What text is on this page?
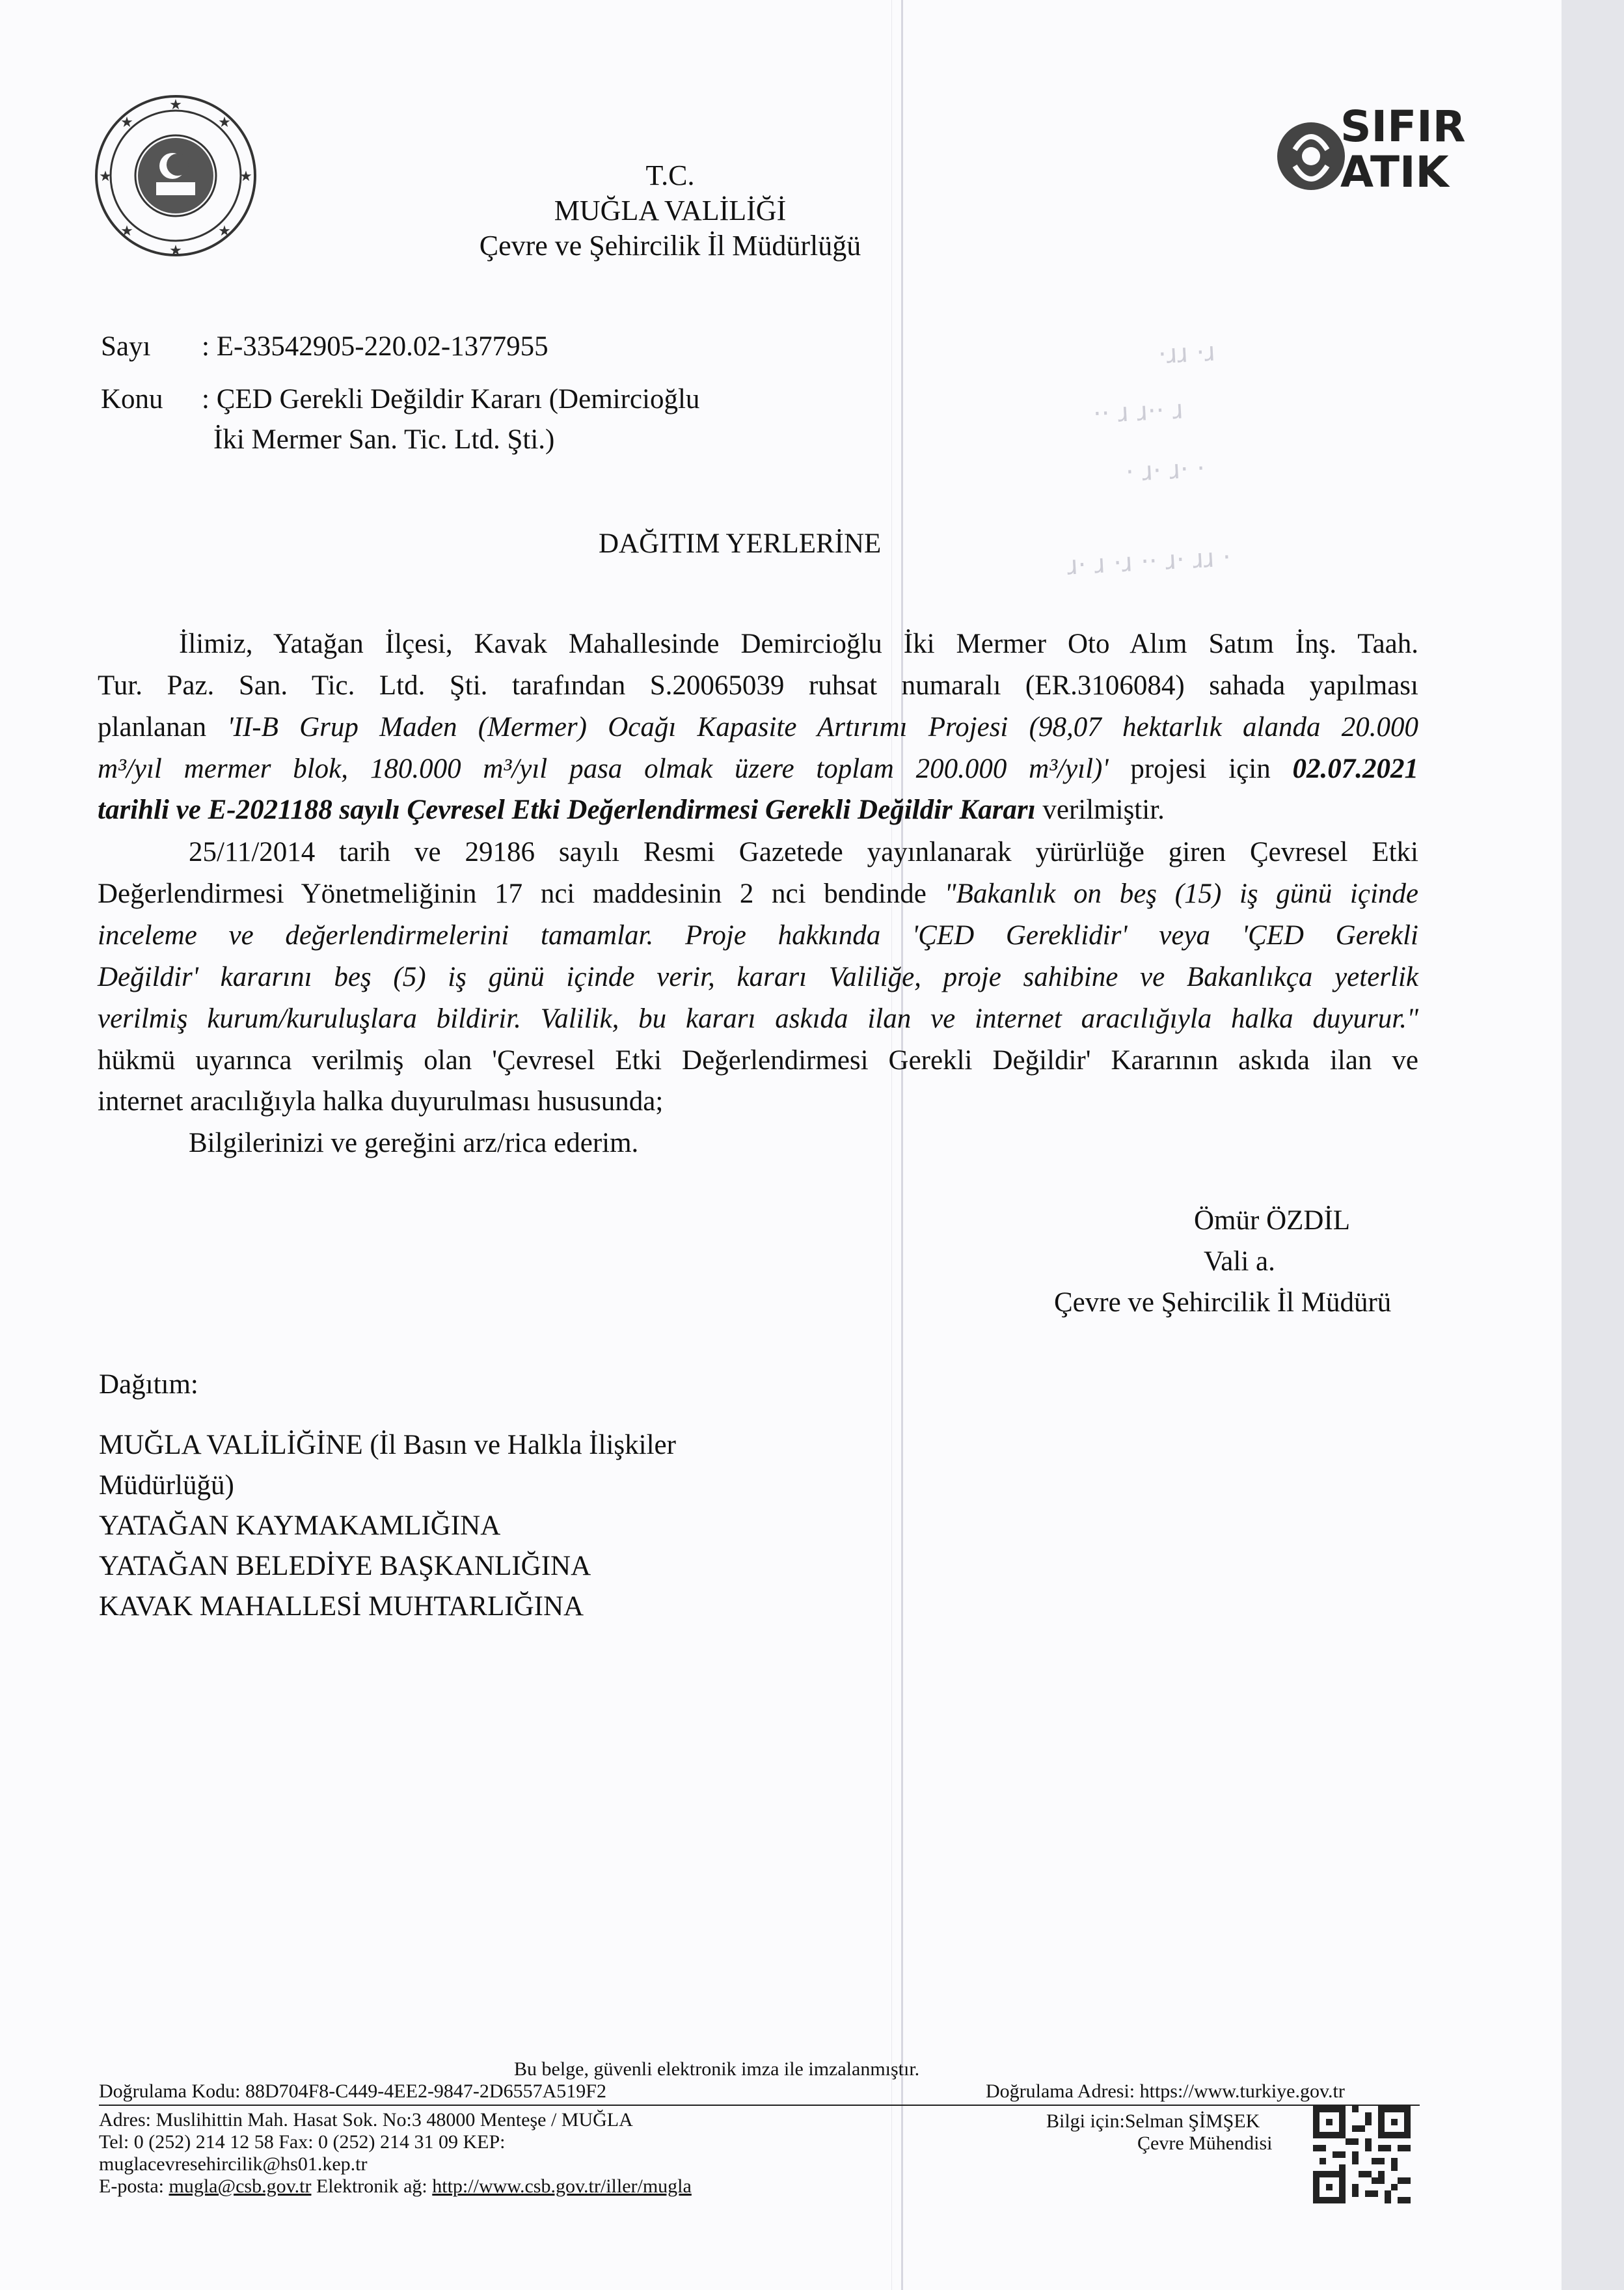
·ɹɹ ·ɹ
·· ɹ ɹ·· ɹ
· ɹ· ɹ· ·
ɹ· ɹ ·ɹ ·· ɹ· ɹɹ ·
★
★	★
★	★
★	★
★
SIFIR
ATIK
T.C.
MUĞLA VALİLİĞİ
Çevre ve Şehircilik İl Müdürlüğü
Sayı : E-33542905-220.02-1377955
Konu : ÇED Gerekli Değildir Kararı (Demircioğlu
İki Mermer San. Tic. Ltd. Şti.)
DAĞITIM YERLERİNE
İlimiz, Yatağan İlçesi, Kavak Mahallesinde Demircioğlu İki Mermer Oto Alım Satım İnş. Taah.
Tur. Paz. San. Tic. Ltd. Şti. tarafından S.20065039 ruhsat numaralı (ER.3106084) sahada yapılması
planlanan 'II-B Grup Maden (Mermer) Ocağı Kapasite Artırımı Projesi (98,07 hektarlık alanda 20.000
m³/yıl mermer blok, 180.000 m³/yıl pasa olmak üzere toplam 200.000 m³/yıl)' projesi için 02.07.2021
tarihli ve E-2021188 sayılı Çevresel Etki Değerlendirmesi Gerekli Değildir Kararı verilmiştir.
25/11/2014 tarih ve 29186 sayılı Resmi Gazetede yayınlanarak yürürlüğe giren Çevresel Etki
Değerlendirmesi Yönetmeliğinin 17 nci maddesinin 2 nci bendinde "Bakanlık on beş (15) iş günü içinde
inceleme ve değerlendirmelerini tamamlar. Proje hakkında 'ÇED Gereklidir' veya 'ÇED Gerekli
Değildir' kararını beş (5) iş günü içinde verir, kararı Valiliğe, proje sahibine ve Bakanlıkça yeterlik
verilmiş kurum/kuruluşlara bildirir. Valilik, bu kararı askıda ilan ve internet aracılığıyla halka duyurur."
hükmü uyarınca verilmiş olan 'Çevresel Etki Değerlendirmesi Gerekli Değildir' Kararının askıda ilan ve
internet aracılığıyla halka duyurulması hususunda;
Bilgilerinizi ve gereğini arz/rica ederim.
Ömür ÖZDİL
Vali a.
Çevre ve Şehircilik İl Müdürü
Dağıtım:
MUĞLA VALİLİĞİNE (İl Basın ve Halkla İlişkiler
Müdürlüğü)
YATAĞAN KAYMAKAMLIĞINA
YATAĞAN BELEDİYE BAŞKANLIĞINA
KAVAK MAHALLESİ MUHTARLIĞINA
Bu belge, güvenli elektronik imza ile imzalanmıştır.
Doğrulama Kodu: 88D704F8-C449-4EE2-9847-2D6557A519F2	Doğrulama Adresi: https://www.turkiye.gov.tr
Adres: Muslihittin Mah. Hasat Sok. No:3 48000 Menteşe / MUĞLA
Tel: 0 (252) 214 12 58 Fax: 0 (252) 214 31 09 KEP:
muglacevresehircilik@hs01.kep.tr
E-posta: mugla@csb.gov.tr Elektronik ağ: http://www.csb.gov.tr/iller/mugla
Bilgi için:Selman ŞİMŞEK
Çevre Mühendisi
